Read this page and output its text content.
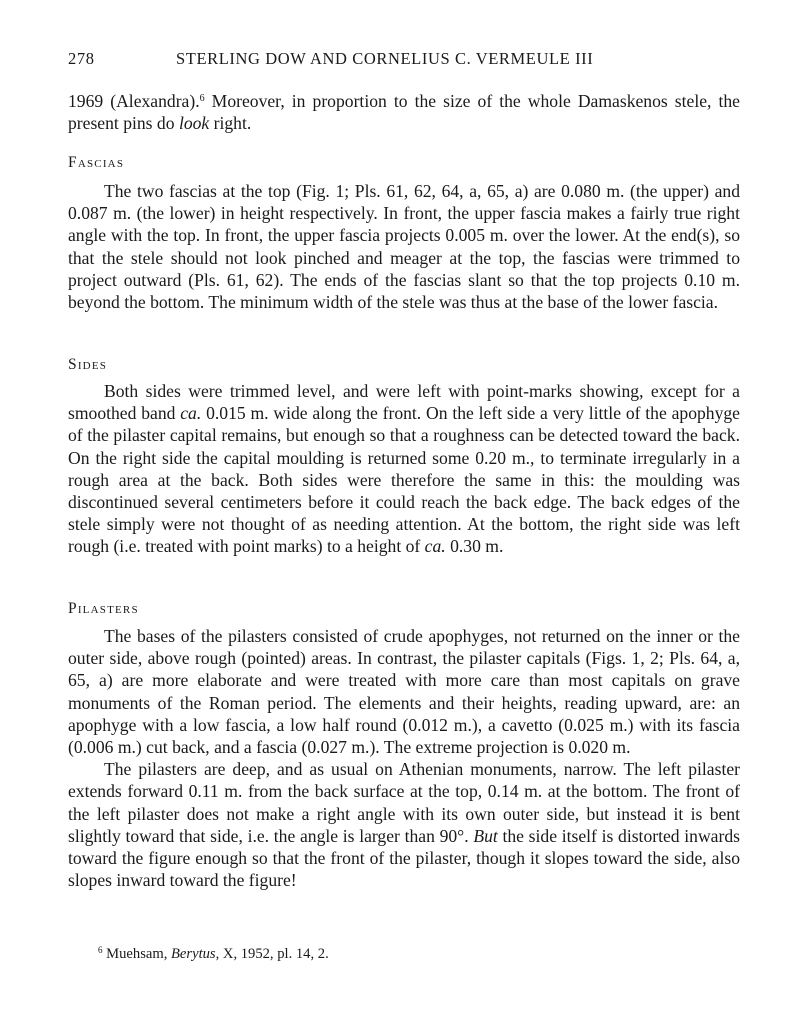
278	STERLING DOW AND CORNELIUS C. VERMEULE III

1969 (Alexandra).$^6$ Moreover, in proportion to the size of the whole Damaskenos stele, the present pins do look right.

Fascias

The two fascias at the top (Fig. 1; Pls. 61, 62, 64, a, 65, a) are 0.080 m. (the upper) and 0.087 m. (the lower) in height respectively. In front, the upper fascia makes a fairly true right angle with the top. In front, the upper fascia projects 0.005 m. over the lower. At the end(s), so that the stele should not look pinched and meager at the top, the fascias were trimmed to project outward (Pls. 61, 62). The ends of the fascias slant so that the top projects 0.10 m. beyond the bottom. The minimum width of the stele was thus at the base of the lower fascia.

Sides

Both sides were trimmed level, and were left with point-marks showing, except for a smoothed band ca. 0.015 m. wide along the front. On the left side a very little of the apophyge of the pilaster capital remains, but enough so that a roughness can be detected toward the back. On the right side the capital moulding is returned some 0.20 m., to terminate irregularly in a rough area at the back. Both sides were therefore the same in this: the moulding was discontinued several centimeters before it could reach the back edge. The back edges of the stele simply were not thought of as needing attention. At the bottom, the right side was left rough (i.e. treated with point marks) to a height of ca. 0.30 m.

Pilasters

The bases of the pilasters consisted of crude apophyges, not returned on the inner or the outer side, above rough (pointed) areas. In contrast, the pilaster capitals (Figs. 1, 2; Pls. 64, a, 65, a) are more elaborate and were treated with more care than most capitals on grave monuments of the Roman period. The elements and their heights, reading upward, are: an apophyge with a low fascia, a low half round (0.012 m.), a cavetto (0.025 m.) with its fascia (0.006 m.) cut back, and a fascia (0.027 m.). The extreme projection is 0.020 m.

The pilasters are deep, and as usual on Athenian monuments, narrow. The left pilaster extends forward 0.11 m. from the back surface at the top, 0.14 m. at the bottom. The front of the left pilaster does not make a right angle with its own outer side, but instead it is bent slightly toward that side, i.e. the angle is larger than 90°. But the side itself is distorted inwards toward the figure enough so that the front of the pilaster, though it slopes toward the side, also slopes inward toward the figure!

$^6$ Muehsam, Berytus, X, 1952, pl. 14, 2.
